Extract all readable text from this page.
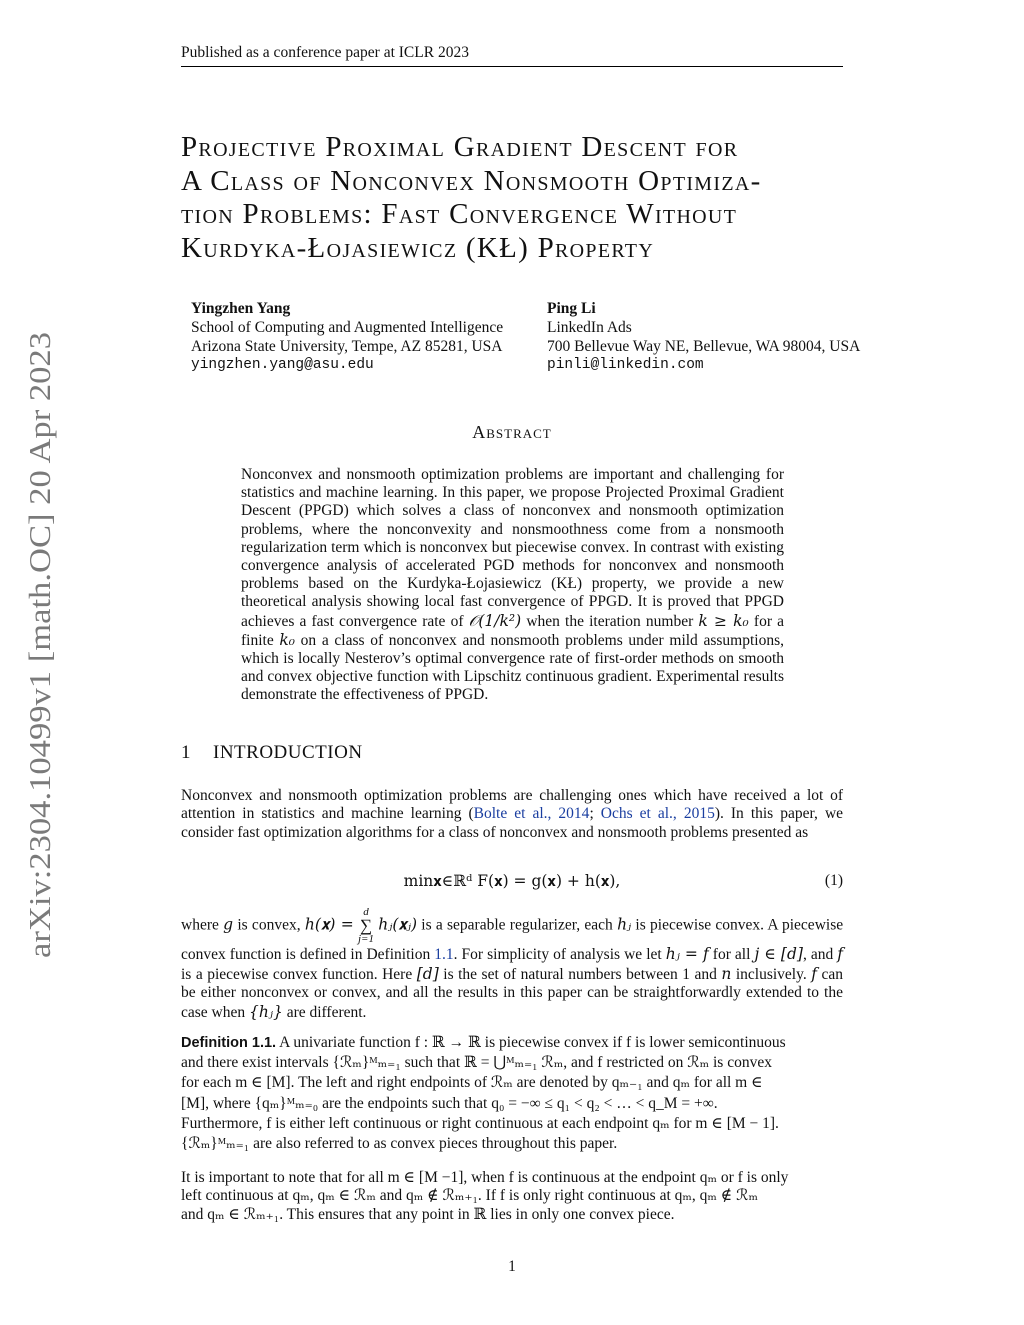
Published as a conference paper at ICLR 2023
arXiv:2304.10499v1 [math.OC] 20 Apr 2023
Projective Proximal Gradient Descent for
A Class of Nonconvex Nonsmooth Optimiza-
tion Problems: Fast Convergence Without
Kurdyka-Łojasiewicz (KŁ) Property
Yingzhen Yang
School of Computing and Augmented Intelligence
Arizona State University, Tempe, AZ 85281, USA
yingzhen.yang@asu.edu
Ping Li
LinkedIn Ads
700 Bellevue Way NE, Bellevue, WA 98004, USA
pinli@linkedin.com
Abstract
Nonconvex and nonsmooth optimization problems are important and challenging for statistics and machine learning. In this paper, we propose Projected Proximal Gradient Descent (PPGD) which solves a class of nonconvex and nonsmooth optimization problems, where the nonconvexity and nonsmoothness come from a nonsmooth regularization term which is nonconvex but piecewise convex. In contrast with existing convergence analysis of accelerated PGD methods for nonconvex and nonsmooth problems based on the Kurdyka-Łojasiewicz (KŁ) property, we provide a new theoretical analysis showing local fast convergence of PPGD. It is proved that PPGD achieves a fast convergence rate of 𝒪(1/k²) when the iteration number k ≥ k₀ for a finite k₀ on a class of nonconvex and nonsmooth problems under mild assumptions, which is locally Nesterov’s optimal convergence rate of first-order methods on smooth and convex objective function with Lipschitz continuous gradient. Experimental results demonstrate the effectiveness of PPGD.
1 INTRODUCTION
Nonconvex and nonsmooth optimization problems are challenging ones which have received a lot of attention in statistics and machine learning (Bolte et al., 2014; Ochs et al., 2015). In this paper, we consider fast optimization algorithms for a class of nonconvex and nonsmooth problems presented as
min𝐱∈ℝᵈ F(𝐱) = g(𝐱) + h(𝐱),	(1)
where g is convex, h(𝐱) =
d
∑
j=1
hⱼ(𝐱ⱼ) is a separable regularizer, each hⱼ is piecewise convex. A piecewise convex function is defined in Definition 1.1. For simplicity of analysis we let hⱼ = f for all j ∈ [d], and f is a piecewise convex function. Here [d] is the set of natural numbers between 1 and n inclusively. f can be either nonconvex or convex, and all the results in this paper can be straightforwardly extended to the case when {hⱼ} are different.
Definition 1.1. A univariate function f : ℝ → ℝ is piecewise convex if f is lower semicontinuous
and there exist intervals {ℛₘ}ᴹₘ₌₁ such that ℝ = ⋃ᴹₘ₌₁ ℛₘ, and f restricted on ℛₘ is convex
for each m ∈ [M]. The left and right endpoints of ℛₘ are denoted by qₘ₋₁ and qₘ for all m ∈
[M], where {qₘ}ᴹₘ₌₀ are the endpoints such that q₀ = −∞ ≤ q₁ < q₂ < … < q_M = +∞.
Furthermore, f is either left continuous or right continuous at each endpoint qₘ for m ∈ [M − 1].
{ℛₘ}ᴹₘ₌₁ are also referred to as convex pieces throughout this paper.
It is important to note that for all m ∈ [M −1], when f is continuous at the endpoint qₘ or f is only
left continuous at qₘ, qₘ ∈ ℛₘ and qₘ ∉ ℛₘ₊₁. If f is only right continuous at qₘ, qₘ ∉ ℛₘ
and qₘ ∈ ℛₘ₊₁. This ensures that any point in ℝ lies in only one convex piece.
1
